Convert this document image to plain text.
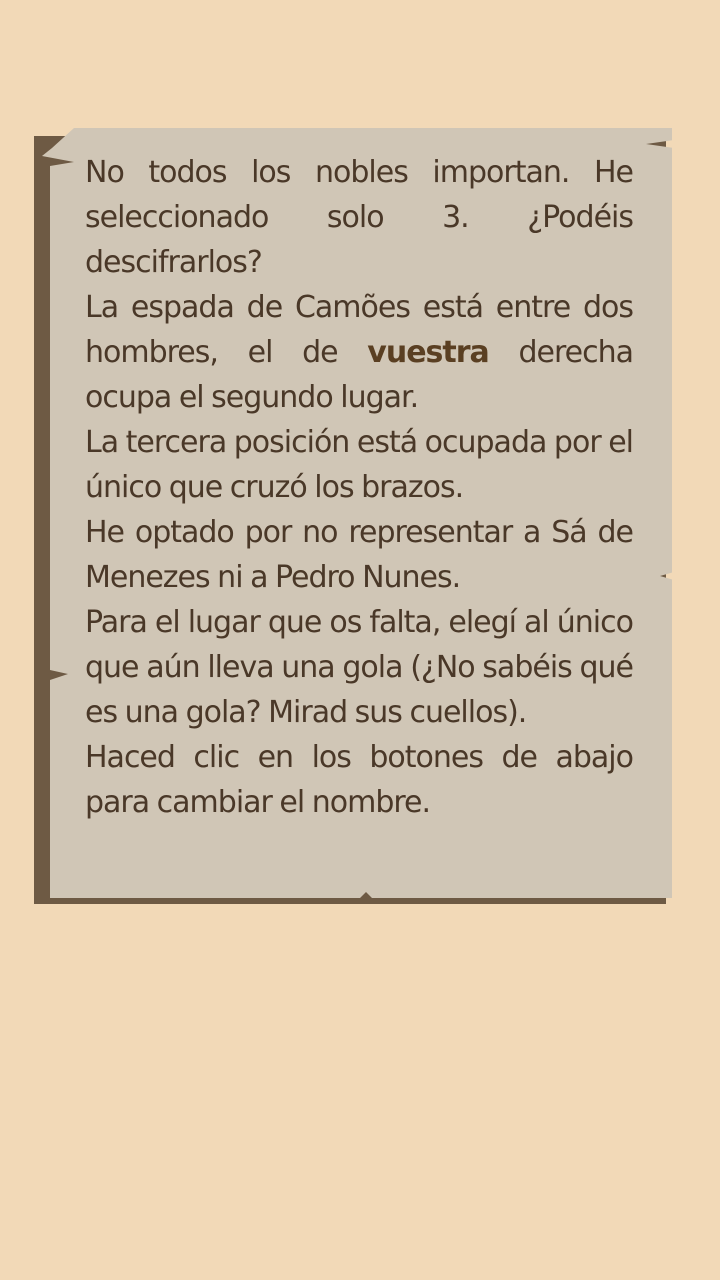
No todos los nobles importan. He seleccionado solo 3. ¿Podéis descifrarlos?
La espada de Camões está entre dos hombres, el de vuestra derecha ocupa el segundo lugar.
La tercera posición está ocupada por el único que cruzó los brazos.
He optado por no representar a Sá de Menezes ni a Pedro Nunes.
Para el lugar que os falta, elegí al único que aún lleva una gola (¿No sabéis qué es una gola? Mirad sus cuellos).
Haced clic en los botones de abajo para cambiar el nombre.
